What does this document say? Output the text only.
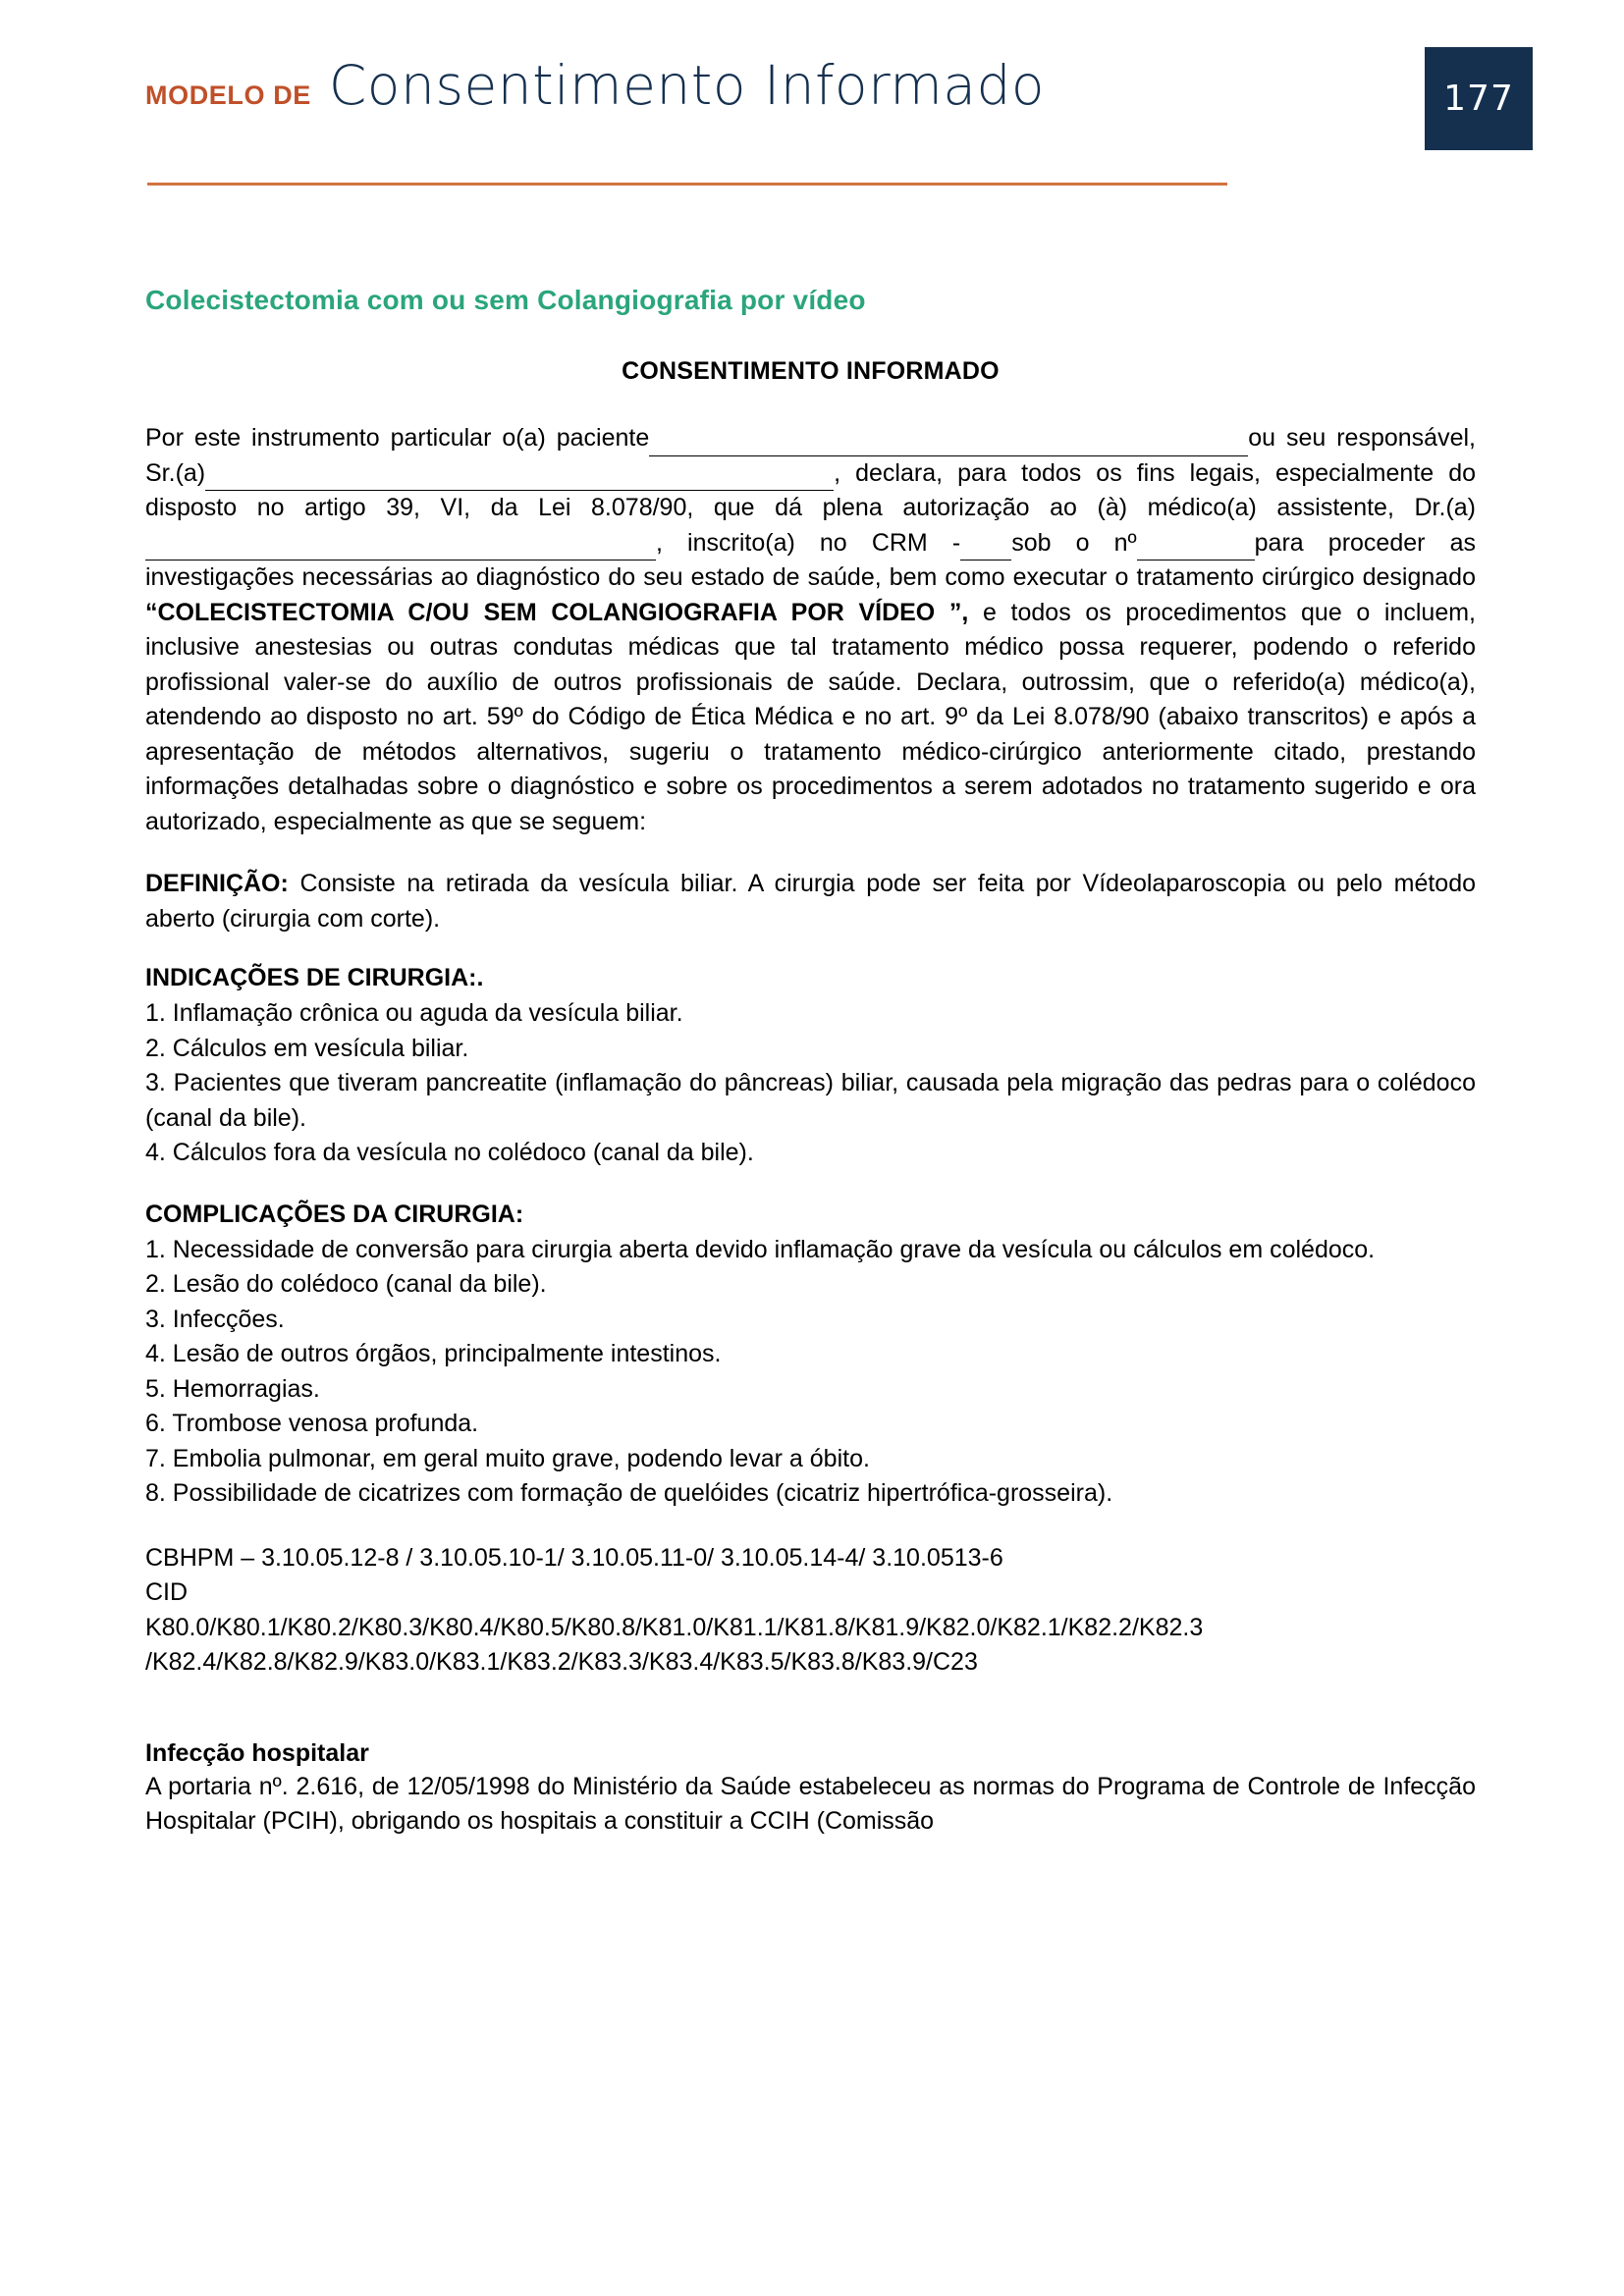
MODELO DE Consentimento Informado	177
Colecistectomia com ou sem Colangiografia por vídeo
CONSENTIMENTO INFORMADO

Por este instrumento particular o(a) paciente	ou seu responsável, Sr.(a)	, declara, para todos os fins legais, especialmente do disposto no artigo 39, VI, da Lei 8.078/90, que dá plena autorização ao (à) médico(a) assistente, Dr.(a), inscrito(a) no CRM - sob o nº	para proceder as investigações necessárias ao diagnóstico do seu estado de saúde, bem como executar o tratamento cirúrgico designado “COLECISTECTOMIA C/OU SEM COLANGIOGRAFIA POR VÍDEO ”, e todos os procedimentos que o incluem, inclusive anestesias ou outras condutas médicas que tal tratamento médico possa requerer, podendo o referido profissional valer-se do auxílio de outros profissionais de saúde. Declara, outrossim, que o referido(a) médico(a), atendendo ao disposto no art. 59º do Código de Ética Médica e no art. 9º da Lei 8.078/90 (abaixo transcritos) e após a apresentação de métodos alternativos, sugeriu o tratamento médico-cirúrgico anteriormente citado, prestando informações detalhadas sobre o diagnóstico e sobre os procedimentos a serem adotados no tratamento sugerido e ora autorizado, especialmente as que se seguem:

DEFINIÇÃO: Consiste na retirada da vesícula biliar. A cirurgia pode ser feita por Vídeolaparoscopia ou pelo método aberto (cirurgia com corte).

INDICAÇÕES DE CIRURGIA:.
1. Inflamação crônica ou aguda da vesícula biliar.
2. Cálculos em vesícula biliar.
3. Pacientes que tiveram pancreatite (inflamação do pâncreas) biliar, causada pela migração das pedras para o colédoco (canal da bile).
4. Cálculos fora da vesícula no colédoco (canal da bile).
COMPLICAÇÕES DA CIRURGIA:
1. Necessidade de conversão para cirurgia aberta devido inflamação grave da vesícula ou cálculos em colédoco.
2. Lesão do colédoco (canal da bile).
3. Infecções.
4. Lesão de outros órgãos, principalmente intestinos.
5. Hemorragias.
6. Trombose venosa profunda.
7. Embolia pulmonar, em geral muito grave, podendo levar a óbito.
8. Possibilidade de cicatrizes com formação de quelóides (cicatriz hipertrófica-grosseira).
CBHPM – 3.10.05.12-8 / 3.10.05.10-1/ 3.10.05.11-0/ 3.10.05.14-4/ 3.10.0513-6
CID
K80.0/K80.1/K80.2/K80.3/K80.4/K80.5/K80.8/K81.0/K81.1/K81.8/K81.9/K82.0/K82.1/K82.2/K82.3
/K82.4/K82.8/K82.9/K83.0/K83.1/K83.2/K83.3/K83.4/K83.5/K83.8/K83.9/C23
Infecção hospitalar

A portaria nº. 2.616, de 12/05/1998 do Ministério da Saúde estabeleceu as normas do Programa de Controle de Infecção Hospitalar (PCIH), obrigando os hospitais a constituir a CCIH (Comissão
